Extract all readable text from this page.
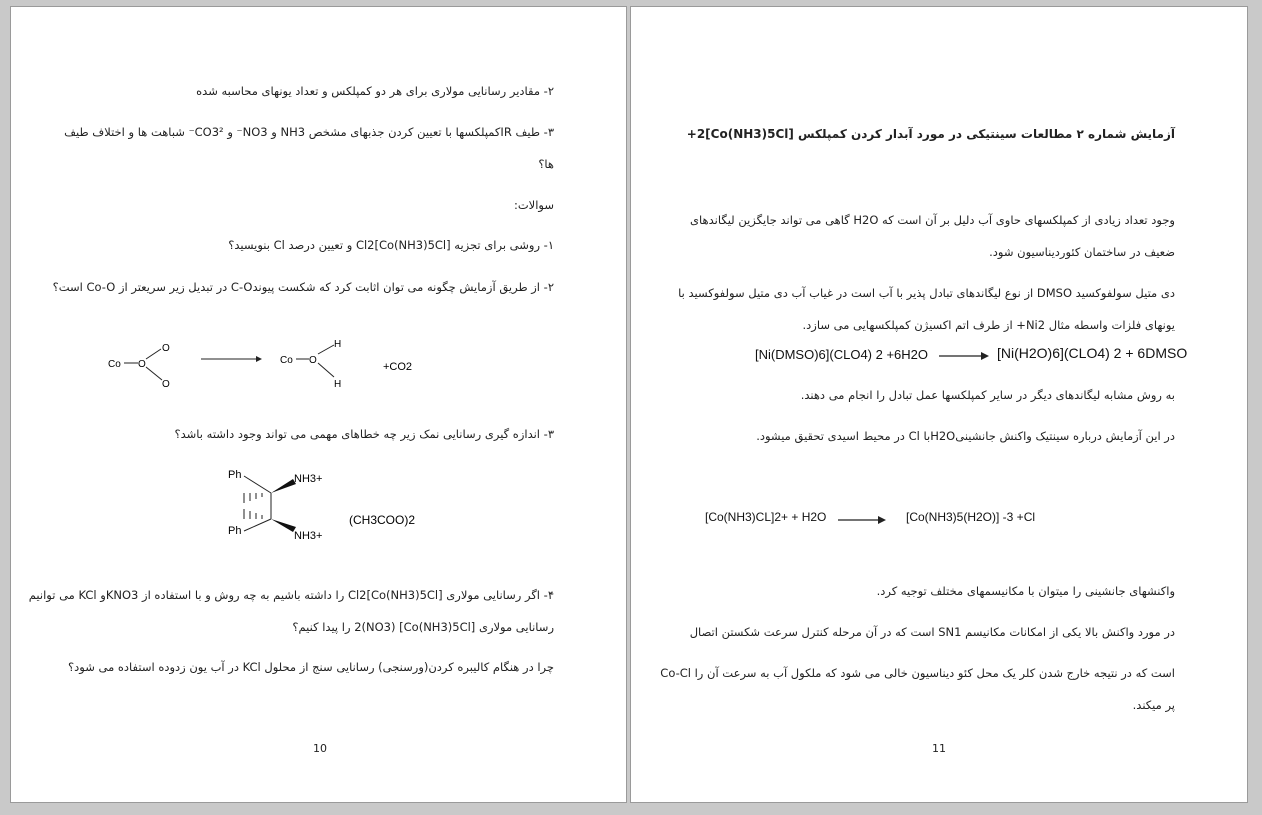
۲- مقادیر رسانایی مولاری برای هر دو کمپلکس و تعداد یونهای محاسبه شده
۳- طیف IRکمپلکسها با تعیین کردن جذبهای مشخص NH3 و NO3⁻ و CO3²⁻ شباهت ها و اختلاف طیف
ها؟
سوالات:
۱- روشی برای تجزیه [Co(NH3)5Cl]Cl2 و تعیین درصد Cl بنویسید؟
۲- از طریق آزمایش چگونه می توان اثابت کرد که شکست پیوندC-O در تبدیل زیر سریعتر از Co-O است؟
Co O
O
O
Co O
H
H
+CO2
۳- اندازه گیری رسانایی نمک زیر چه خطاهای مهمی می تواند وجود داشته باشد؟
Ph	NH3+
Ph	NH3+
(CH3COO)2
۴- اگر رسانایی مولاری [Co(NH3)5Cl]Cl2 را داشته باشیم به چه روش و با استفاده از KNO3و KCl می توانیم
رسانایی مولاری [Co(NH3)5Cl] (NO3)2 را پیدا کنیم؟
چرا در هنگام کالیبره کردن(ورسنجی) رسانایی سنج از محلول KCl در آب یون زدوده استفاده می شود؟
10
آزمایش شماره ۲ مطالعات سینتیکی در مورد آبدار کردن کمپلکس [Co(NH3)5Cl]2+
وجود تعداد زیادی از کمپلکسهای حاوی آب دلیل بر آن است که H2O گاهی می تواند جایگزین لیگاندهای
ضعیف در ساختمان کئوردیناسیون شود.
دی متیل سولفوکسید DMSO از نوع لیگاندهای تبادل پذیر با آب است در غیاب آب دی متیل سولفوکسید با
یونهای فلزات واسطه مثال Ni2+ از طرف اتم اکسیژن کمپلکسهایی می سازد.
[Ni(DMSO)6](CLO4) 2 +6H2O	[Ni(H2O)6](CLO4) 2 + 6DMSO
به روش مشابه لیگاندهای دیگر در سایر کمپلکسها عمل تبادل را انجام می دهند.
در این آزمایش درباره سینتیک واکنش جانشینیH2Oبا Cl در محیط اسیدی تحقیق میشود.
[Co(NH3)CL]2+ + H2O	[Co(NH3)5(H2O)] -3 +Cl
واکنشهای جانشینی را میتوان با مکانیسمهای مختلف توجیه کرد.
در مورد واکنش بالا یکی از امکانات مکانیسم SN1 است که در آن مرحله کنترل سرعت شکستن اتصال
Co-Cl است که در نتیجه خارج شدن کلر یک محل کئو دیناسیون خالی می شود که ملکول آب به سرعت آن را
پر میکند.
11
